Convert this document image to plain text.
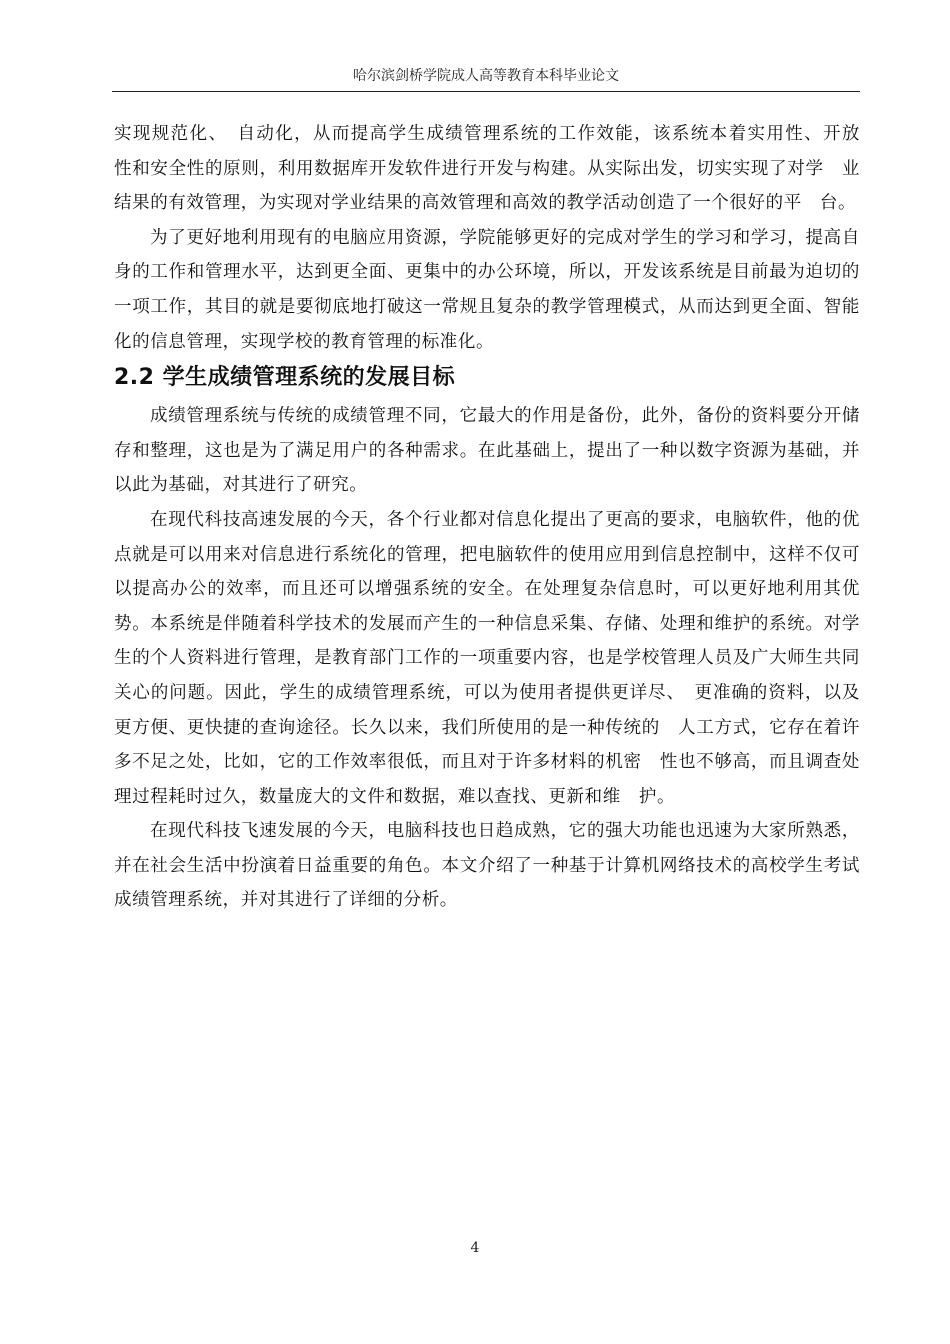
哈尔滨剑桥学院成人高等教育本科毕业论文

实现规范化、　自动化，从而提高学生成绩管理系统的工作效能，该系统本着实用性、开放　性和安全性的原则，利用数据库开发软件进行开发与构建。从实际出发，切实实现了对学　业结果的有效管理，为实现对学业结果的高效管理和高效的教学活动创造了一个很好的平　台。

为了更好地利用现有的电脑应用资源，学院能够更好的完成对学生的学习和学习，提高自身的工作和管理水平，达到更全面、更集中的办公环境，所以，开发该系统是目前最为迫切的一项工作，其目的就是要彻底地打破这一常规且复杂的教学管理模式，从而达到更全面、智能化的信息管理，实现学校的教育管理的标准化。

2.2 学生成绩管理系统的发展目标

成绩管理系统与传统的成绩管理不同，它最大的作用是备份，此外，备份的资料要分开储存和整理，这也是为了满足用户的各种需求。在此基础上，提出了一种以数字资源为基础，并以此为基础，对其进行了研究。

在现代科技高速发展的今天，各个行业都对信息化提出了更高的要求，电脑软件，他的优点就是可以用来对信息进行系统化的管理，把电脑软件的使用应用到信息控制中，这样不仅可以提高办公的效率，而且还可以增强系统的安全。在处理复杂信息时，可以更好地利用其优势。本系统是伴随着科学技术的发展而产生的一种信息采集、存储、处理和维护的系统。对学生的个人资料进行管理，是教育部门工作的一项重要内容，也是学校管理人员及广大师生共同关心的问题。因此，学生的成绩管理系统，可以为使用者提供更详尽、　更准确的资料，以及更方便、更快捷的查询途径。长久以来，我们所使用的是一种传统的　人工方式，它存在着许多不足之处，比如，它的工作效率很低，而且对于许多材料的机密　性也不够高，而且调查处理过程耗时过久，数量庞大的文件和数据，难以查找、更新和维　护。

在现代科技飞速发展的今天，电脑科技也日趋成熟，它的强大功能也迅速为大家所熟悉，并在社会生活中扮演着日益重要的角色。本文介绍了一种基于计算机网络技术的高校学生考试成绩管理系统，并对其进行了详细的分析。

4
